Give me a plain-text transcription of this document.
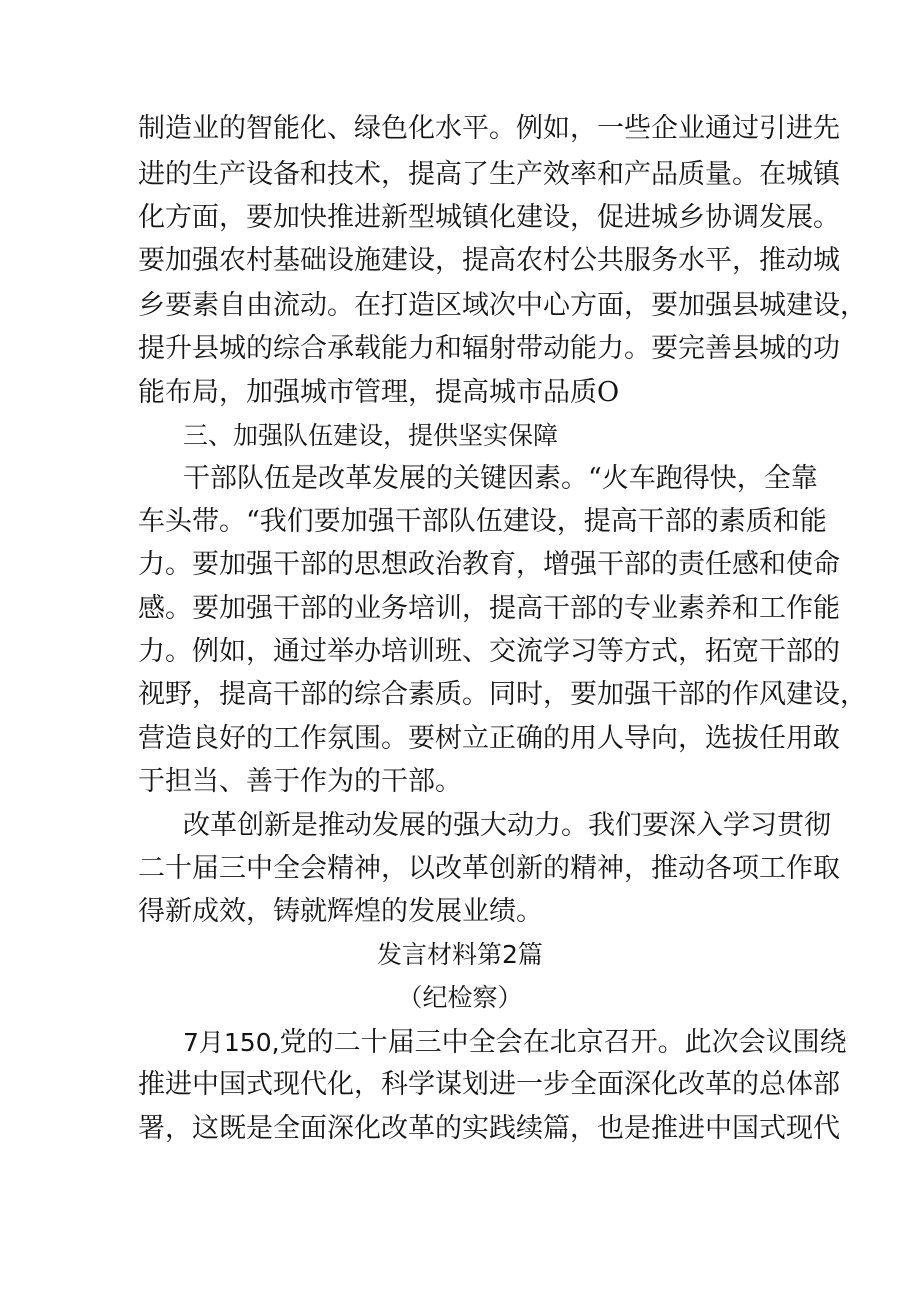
制造业的智能化、绿色化水平。例如，一些企业通过引进先
进的生产设备和技术，提高了生产效率和产品质量。在城镇
化方面，要加快推进新型城镇化建设，促进城乡协调发展。
要加强农村基础设施建设，提高农村公共服务水平，推动城
乡要素自由流动。在打造区域次中心方面，要加强县城建设，
提升县城的综合承载能力和辐射带动能力。要完善县城的功
能布局，加强城市管理，提高城市品质O
三、加强队伍建设，提供坚实保障
干部队伍是改革发展的关键因素。“火车跑得快，全靠
车头带。“我们要加强干部队伍建设，提高干部的素质和能
力。要加强干部的思想政治教育，增强干部的责任感和使命
感。要加强干部的业务培训，提高干部的专业素养和工作能
力。例如，通过举办培训班、交流学习等方式，拓宽干部的
视野，提高干部的综合素质。同时，要加强干部的作风建设，
营造良好的工作氛围。要树立正确的用人导向，选拔任用敢
于担当、善于作为的干部。
改革创新是推动发展的强大动力。我们要深入学习贯彻
二十届三中全会精神，以改革创新的精神，推动各项工作取
得新成效，铸就辉煌的发展业绩。
发言材料第2篇
（纪检察）
7月150,党的二十届三中全会在北京召开。此次会议围绕
推进中国式现代化，科学谋划进一步全面深化改革的总体部
署，这既是全面深化改革的实践续篇，也是推进中国式现代
